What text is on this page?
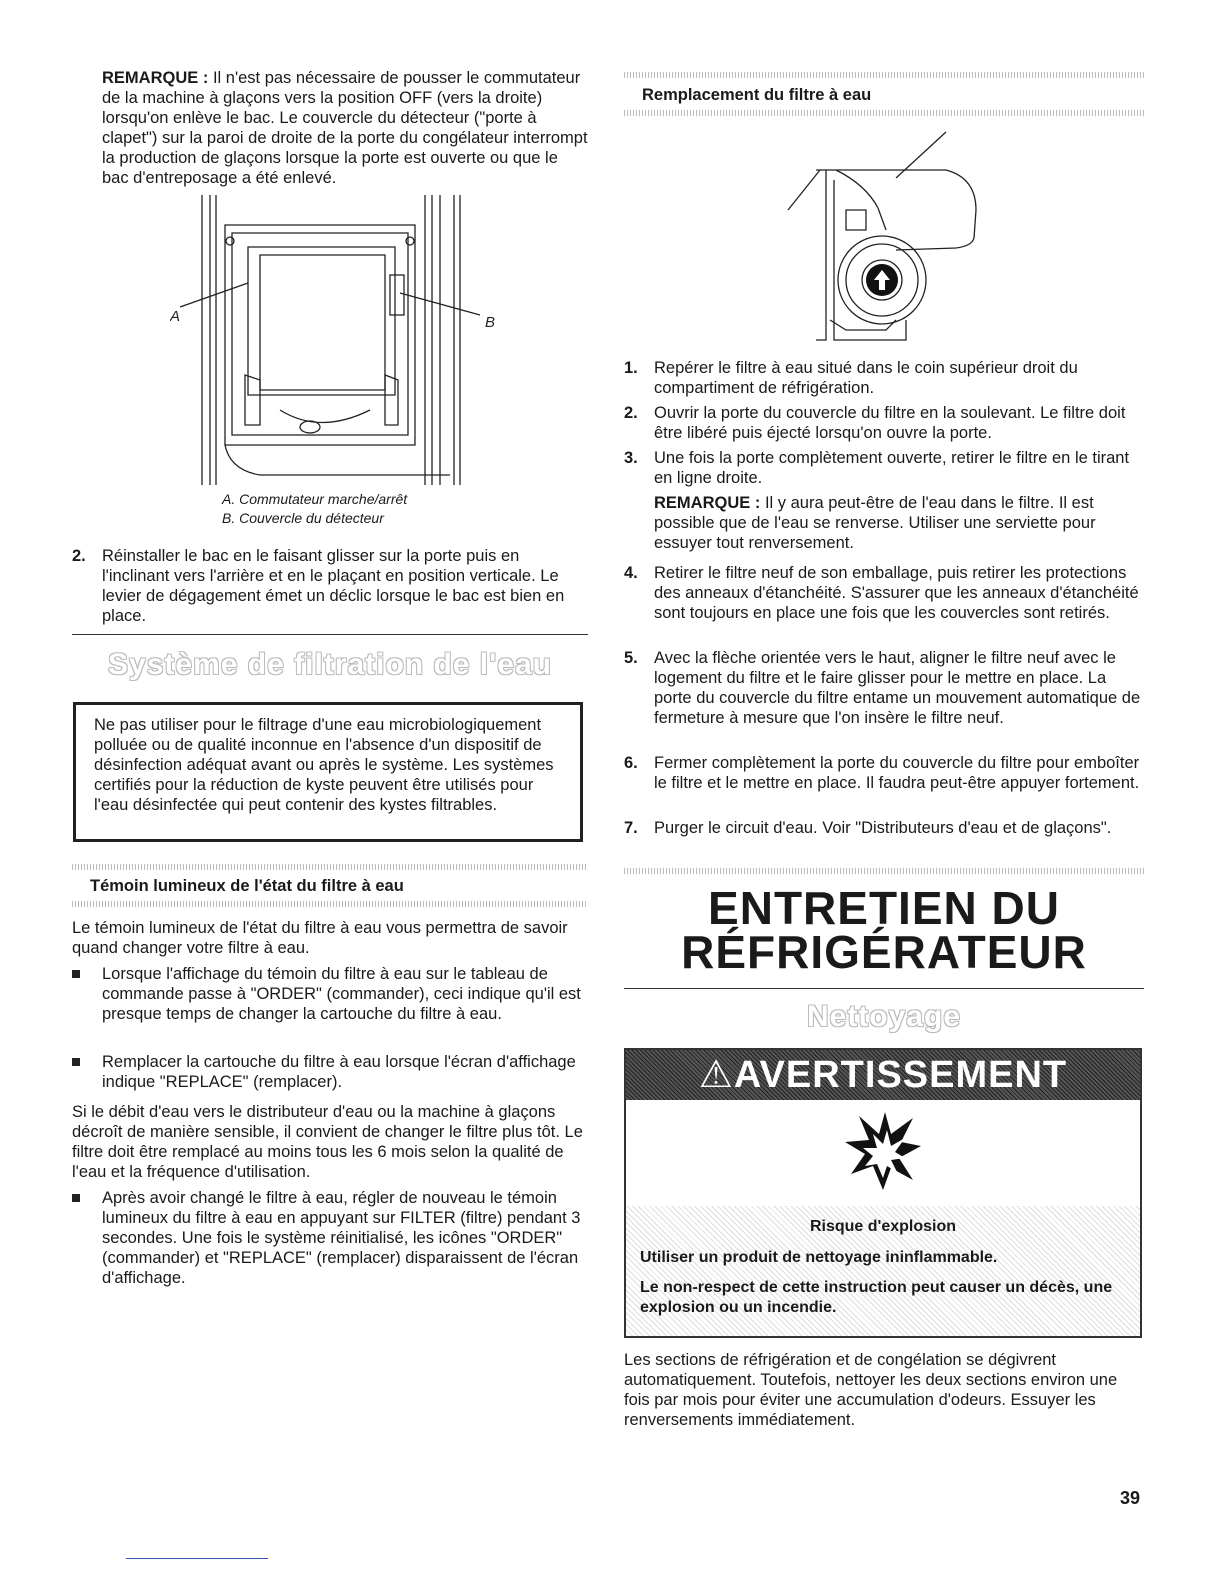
REMARQUE : Il n'est pas nécessaire de pousser le commutateur de la machine à glaçons vers la position OFF (vers la droite) lorsqu'on enlève le bac. Le couvercle du détecteur ("porte à clapet") sur la paroi de droite de la porte du congélateur interrompt la production de glaçons lorsque la porte est ouverte ou que le bac d'entreposage a été enlevé.
A	B
A. Commutateur marche/arrêt
B. Couvercle du détecteur
2. Réinstaller le bac en le faisant glisser sur la porte puis en l'inclinant vers l'arrière et en le plaçant en position verticale. Le levier de dégagement émet un déclic lorsque le bac est bien en place.
Système de filtration de l'eau

Ne pas utiliser pour le filtrage d'une eau microbiologiquement polluée ou de qualité inconnue en l'absence d'un dispositif de désinfection adéquat avant ou après le système. Les systèmes certifiés pour la réduction de kyste peuvent être utilisés pour l'eau désinfectée qui peut contenir des kystes filtrables.

Témoin lumineux de l'état du filtre à eau
Le témoin lumineux de l'état du filtre à eau vous permettra de savoir quand changer votre filtre à eau.
Lorsque l'affichage du témoin du filtre à eau sur le tableau de commande passe à "ORDER" (commander), ceci indique qu'il est presque temps de changer la cartouche du filtre à eau.
Remplacer la cartouche du filtre à eau lorsque l'écran d'affichage indique "REPLACE" (remplacer).
Si le débit d'eau vers le distributeur d'eau ou la machine à glaçons décroît de manière sensible, il convient de changer le filtre plus tôt. Le filtre doit être remplacé au moins tous les 6 mois selon la qualité de l'eau et la fréquence d'utilisation.
Après avoir changé le filtre à eau, régler de nouveau le témoin lumineux du filtre à eau en appuyant sur FILTER (filtre) pendant 3 secondes. Une fois le système réinitialisé, les icônes "ORDER" (commander) et "REPLACE" (remplacer) disparaissent de l'écran d'affichage.
Remplacement du filtre à eau
1. Repérer le filtre à eau situé dans le coin supérieur droit du compartiment de réfrigération.
2. Ouvrir la porte du couvercle du filtre en la soulevant. Le filtre doit être libéré puis éjecté lorsqu'on ouvre la porte.
3. Une fois la porte complètement ouverte, retirer le filtre en le tirant en ligne droite.
REMARQUE : Il y aura peut-être de l'eau dans le filtre. Il est possible que de l'eau se renverse. Utiliser une serviette pour essuyer tout renversement.
4. Retirer le filtre neuf de son emballage, puis retirer les protections des anneaux d'étanchéité. S'assurer que les anneaux d'étanchéité sont toujours en place une fois que les couvercles sont retirés.
5. Avec la flèche orientée vers le haut, aligner le filtre neuf avec le logement du filtre et le faire glisser pour le mettre en place. La porte du couvercle du filtre entame un mouvement automatique de fermeture à mesure que l'on insère le filtre neuf.
6. Fermer complètement la porte du couvercle du filtre pour emboîter le filtre et le mettre en place. Il faudra peut-être appuyer fortement.
7. Purger le circuit d'eau. Voir "Distributeurs d'eau et de glaçons".
ENTRETIEN DU
RÉFRIGÉRATEUR
Nettoyage
⚠AVERTISSEMENT
Risque d'explosion
Utiliser un produit de nettoyage ininflammable.
Le non-respect de cette instruction peut causer un décès, une explosion ou un incendie.
Les sections de réfrigération et de congélation se dégivrent automatiquement. Toutefois, nettoyer les deux sections environ une fois par mois pour éviter une accumulation d'odeurs. Essuyer les renversements immédiatement.
39
